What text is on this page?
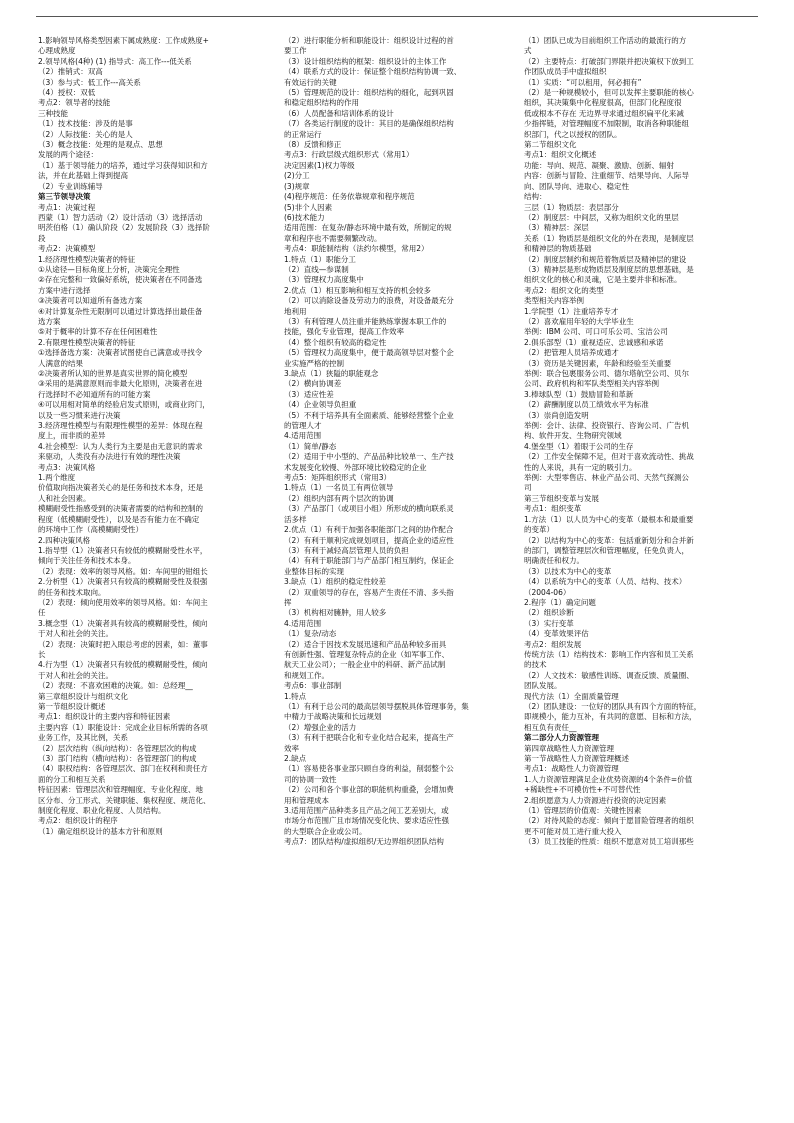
1.影响领导风格类型因素下属成熟度：工作成熟度+
心理成熟度
2.领导风格(4种) (1) 指导式：高工作---低关系
（2）推销式：双高
（3）参与式：低工作---高关系
（4）授权：双低
考点2：领导者的技能
三种技能
（1）技术技能：涉及的是事
（2）人际技能：关心的是人
（3）概念技能：处理的是观点、思想
发展的两个途径：
（1）基于领导能力的培养，通过学习获得知识和方
法，并在此基础上得到提高
（2）专业训练辅导
第三节领导决策
考点1：决策过程
西蒙（1）智力活动（2）设计活动（3）选择活动
明茨伯格（1）确认阶段（2）发展阶段（3）选择阶
段
考点2：决策模型
1.经济理性模型决策者的特征
①从途径—目标角度上分析，决策完全理性
②存在完整和一致偏好系统，使决策者在不同备选
方案中进行选择
③决策者可以知道所有备选方案
④对计算复杂性无限制可以通过计算选择出最佳备
选方案
⑤对于概率的计算不存在任何困难性
2.有限理性模型决策者的特征
①选择备选方案：决策者试图使自己满意或寻找令
人满意的结果
②决策者所认知的世界是真实世界的简化模型
③采用的是满意原则而非最大化原则，决策者在进
行选择时不必知道所有的可能方案
④可以用相对简单的经验启发式原则，或商业窍门，
以及一些习惯来进行决策
3.经济理性模型与有限理性模型的差异：体现在程
度上，而非质的差异
4.社会模型：认为人类行为主要是由无意识的需求
来驱动，人类没有办法进行有效的理性决策
考点3：决策风格
1.两个维度
价值取向指决策者关心的是任务和技术本身，还是
人和社会因素。
模糊耐受性指感受到的决策者需要的结构和控制的
程度（低模糊耐受性），以及是否有能力在不确定
的环境中工作（高模糊耐受性）
2.四种决策风格
1.指导型（1）决策者只有较低的模糊耐受性水平，
倾向于关注任务和技术本身。
（2）表现：效率的领导风格。如：车间里的钳组长
2.分析型（1）决策者只有较高的模糊耐受性及很强
的任务和技术取向。
（2）表现：倾向使用效率的领导风格。如：车间主
任
3.概念型（1）决策者具有较高的模糊耐受性，倾向
于对人和社会的关注。
（2）表现：决策时把入眼总考虑的因素，如：董事
长
4.行为型（1）决策者只有较低的模糊耐受性，倾向
于对人和社会的关注。
（2）表现：不喜欢困难的决策。如：总经理__
第三章组织设计与组织文化
第一节组织设计概述
考点1：组织设计的主要内容和特征因素
主要内容（1）职能设计：完成企业目标所需的各项
业务工作，及其比例，关系
（2）层次结构（纵向结构）：各管理层次的构成
（3）部门结构（横向结构）：各管理部门的构成
（4）职权结构：各管理层次、部门在权利和责任方
面的分工和相互关系
特征因素：管理层次和管理幅度、专业化程度、地
区分布、分工形式、关键职能、集权程度、规范化、
制度化程度、职业化程度、人员结构。
考点2：组织设计的程序
（1）确定组织设计的基本方针和原则
（2）进行职能分析和职能设计：组织设计过程的首
要工作
（3）设计组织结构的框架：组织设计的主体工作
（4）联系方式的设计：保证整个组织结构协调一致、
有效运行的关键
（5）管理规范的设计：组织结构的细化，起到巩固
和稳定组织结构的作用
（6）人员配备和培训体系的设计
（7）各类运行制度的设计：其目的是确保组织结构
的正常运行
（8）反馈和修正
考点3：行政层级式组织形式（常用1）
决定因素(1)权力等级
(2)分工
(3)规章
(4)程序规范：任务依靠规章和程序规范
(5)非个人因素
(6)技术能力
适用范围：在复杂/静态环境中最有效，所制定的规
章和程序也不需要频繁改动。
考点4：职能制结构（法约尔模型，常用2）
1.特点（1）职能分工
（2）直线—参谋制
（3）管理权力高度集中
2.优点（1）相互影响和相互支持的机会较多
（2）可以消除设备及劳动力的浪费，对设备最充分
地利用
（3）有利管理人员注重并能熟练掌握本职工作的
技能，强化专业管理，提高工作效率
（4）整个组织有较高的稳定性
（5）管理权力高度集中，便于最高领导层对整个企
业实施严格的控制
3.缺点（1）狭隘的职能观念
（2）横向协调差
（3）适应性差
（4）企业领导负担重
（5）不利于培养具有全面素质、能够经营整个企业
的管理人才
4.适用范围
（1）简单/静态
（2）适用于中小型的、产品品种比较单一、生产技
术发展变化较慢、外部环境比较稳定的企业
考点5：矩阵组织形式（常用3）
1.特点（1）一名员工有两位领导
（2）组织内部有两个层次的协调
（3）产品部门（或项目小组）所形成的横向联系灵
活多样
2.优点（1）有利于加强各职能部门之间的协作配合
（2）有利于顺利完成规划项目，提高企业的适应性
（3）有利于减轻高层管理人员的负担
（4）有利于职能部门与产品部门相互制约，保证企
业整体目标的实现
3.缺点（1）组织的稳定性较差
（2）双重领导的存在，容易产生责任不清、多头指
挥
（3）机构相对臃肿，用人较多
4.适用范围
（1）复杂/动态
（2）适合于因技术发展迅速和产品品种较多而具
有创新性强、管理复杂特点的企业（如军事工作、
航天工业公司）；一般企业中的科研、新产品试制
和规划工作。
考点6：事业部制
1.特点
（1）有利于总公司的最高层领导摆脱具体管理事务，集
中精力于战略决策和长远规划
（2）增强企业的活力
（3）有利于把联合化和专业化结合起来，提高生产
效率
2.缺点
（1）容易使各事业部只顾自身的利益，削弱整个公
司的协调一致性
（2）公司和各个事业部的职能机构重叠，会增加费
用和管理成本
3.适用范围产品种类多且产品之间工艺差别大，或
市场分布范围广且市场情况变化快、要求适应性强
的大型联合企业或公司。
考点7：团队结构/虚拟组织/无边界组织团队结构
（1）团队已成为目前组织工作活动的最流行的方
式
（2）主要特点：打破部门界限并把决策权下放到工
作团队成员手中虚拟组织
（1）实质：“可以租用，何必拥有”
（2）是一种规模较小，但可以发挥主要职能的核心
组织，其决策集中化程度很高，但部门化程度很
低或根本不存在 无边界寻求通过组织扁平化来减
少指挥链，对管理幅度不加限制，取消各种职能组
织部门，代之以授权的团队。
第二节组织文化
考点1：组织文化概述
功能：导向、规范、凝聚、激励、创新、辐射
内容：创新与冒险、注重细节、结果导向、人际导
向、团队导向、进取心、稳定性
结构：
三层（1）物质层：表层部分
（2）制度层：中间层，又称为组织文化的里层
（3）精神层：深层
关系（1）物质层是组织文化的外在表现，是制度层
和精神层的物质基础
（2）制度层制约和规范着物质层及精神层的建设
（3）精神层是形成物质层及制度层的思想基础，是
组织文化的核心和灵魂，它是主要并非和标准。
考点2：组织文化的类型
类型相关内容举例
1.学院型（1）注重培养专才
（2）喜欢雇用年轻的大学毕业生
举例：IBM 公司、可口可乐公司、宝洁公司
2.俱乐部型（1）重视适应、忠诚感和承诺
（2）把管理人员培养成通才
（3）资历是关键因素，年龄和经验至关重要
举例：联合包裹服务公司、德尔塔航空公司、贝尔
公司、政府机构和军队类型相关内容举例
3.棒球队型（1）鼓励冒险和革新
（2）薪酬制度以员工绩效水平为标准
（3）崇尚创造发明
举例：会计、法律、投资银行、咨询公司、广告机
构、软件开发、生物研究领域
4.堡垒型（1）着眼于公司的生存
（2）工作安全保障不足，但对于喜欢流动性、挑战
性的人来说，具有一定的吸引力。
举例：大型零售店、林业产品公司、天然气探测公
司
第三节组织变革与发展
考点1：组织变革
1.方法（1）以人员为中心的变革（最根本和最重要
的变革）
（2）以结构为中心的变革：包括重新划分和合并新
的部门，调整管理层次和管理幅度，任免负责人，
明确责任和权力。
（3）以技术为中心的变革
（4）以系统为中心的变革（人员、结构、技术）
（2004-06）
2.程序（1）确定问题
（2）组织诊断
（3）实行变革
（4）变革效果评估
考点2：组织发展
传统方法（1）结构技术：影响工作内容和员工关系
的技术
（2）人文技术：敏感性训练、调查反馈、质量圈、
团队发展。
现代方法（1）全面质量管理
（2）团队建设：一位好的团队具有四个方面的特征，
即规模小，能力互补，有共同的意愿、目标和方法，
相互负有责任__
第二部分人力资源管理
第四章战略性人力资源管理
第一节战略性人力资源管理概述
考点1：战略性人力资源管理
1.人力资源管理满足企业优势资源的4个条件=价值
+稀缺性+不可模仿性+不可替代性
2.组织愿意为人力资源进行投资的决定因素
（1）管理层的价值观：关键性因素
（2）对待风险的态度：倾向于愿冒险管理者的组织
更不可能对员工进行重大投入
（3）员工技能的性质：组织不愿意对员工培训那些
